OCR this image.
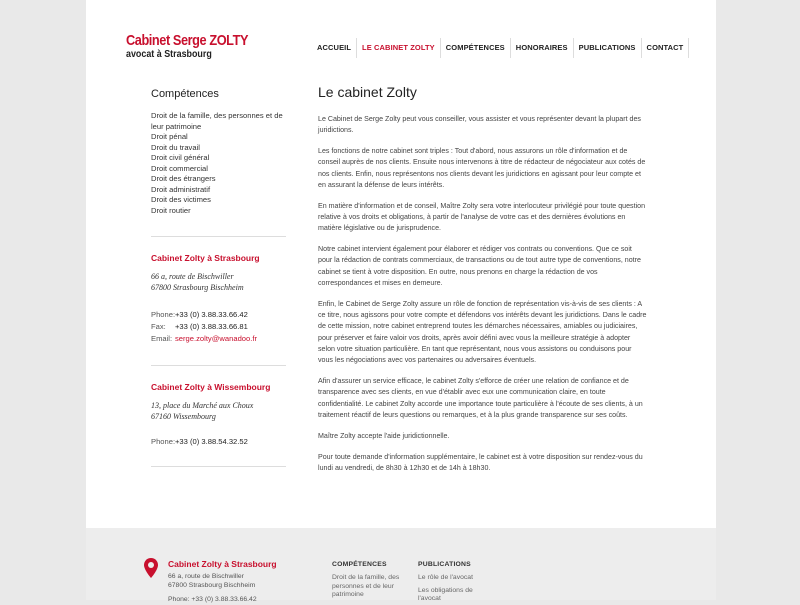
Cabinet Serge ZOLTY
avocat à Strasbourg
ACCUEIL	LE CABINET ZOLTY	COMPÉTENCES	HONORAIRES	PUBLICATIONS	CONTACT
Compétences
Droit de la famille, des personnes et de leur patrimoine
Droit pénal
Droit du travail
Droit civil général
Droit commercial
Droit des étrangers
Droit administratif
Droit des victimes
Droit routier
Cabinet Zolty à Strasbourg
66 a, route de Bischwiller
67800 Strasbourg Bischheim
Phone: +33 (0) 3.88.33.66.42
Fax:	+33 (0) 3.88.33.66.81
Email: serge.zolty@wanadoo.fr
Cabinet Zolty à Wissembourg
13, place du Marché aux Choux
67160 Wissembourg
Phone: +33 (0) 3.88.54.32.52
Le cabinet Zolty

Le Cabinet de Serge Zolty peut vous conseiller, vous assister et vous représenter devant la plupart des juridictions.

Les fonctions de notre cabinet sont triples : Tout d'abord, nous assurons un rôle d'information et de conseil auprès de nos clients. Ensuite nous intervenons à titre de rédacteur de négociateur aux cotés de nos clients. Enfin, nous représentons nos clients devant les juridictions en agissant pour leur compte et en assurant la défense de leurs intérêts.

En matière d'information et de conseil, Maître Zolty sera votre interlocuteur privilégié pour toute question relative à vos droits et obligations, à partir de l'analyse de votre cas et des dernières évolutions en matière législative ou de jurisprudence.

Notre cabinet intervient également pour élaborer et rédiger vos contrats ou conventions. Que ce soit pour la rédaction de contrats commerciaux, de transactions ou de tout autre type de conventions, notre cabinet se tient à votre disposition. En outre, nous prenons en charge la rédaction de vos correspondances et mises en demeure.

Enfin, le Cabinet de Serge Zolty assure un rôle de fonction de représentation vis-à-vis de ses clients : A ce titre, nous agissons pour votre compte et défendons vos intérêts devant les juridictions. Dans le cadre de cette mission, notre cabinet entreprend toutes les démarches nécessaires, amiables ou judiciaires, pour préserver et faire valoir vos droits, après avoir défini avec vous la meilleure stratégie à adopter selon votre situation particulière. En tant que représentant, nous vous assistons ou conduisons pour vous les négociations avec vos partenaires ou adversaires éventuels.

Afin d'assurer un service efficace, le cabinet Zolty s'efforce de créer une relation de confiance et de transparence avec ses clients, en vue d'établir avec eux une communication claire, en toute confidentialité. Le cabinet Zolty accorde une importance toute particulière à l'écoute de ses clients, à un traitement réactif de leurs questions ou remarques, et à la plus grande transparence sur ses coûts.

Maître Zolty accepte l'aide juridictionnelle.

Pour toute demande d'information supplémentaire, le cabinet est à votre disposition sur rendez-vous du lundi au vendredi, de 8h30 à 12h30 et de 14h à 18h30.

Cabinet Zolty à Strasbourg
66 a, route de Bischwiller
67800 Strasbourg Bischheim
Phone: +33 (0) 3.88.33.66.42
COMPÉTENCES
Droit de la famille, des
personnes et de leur
patrimoine
PUBLICATIONS
Le rôle de l'avocat
Les obligations de
l'avocat
